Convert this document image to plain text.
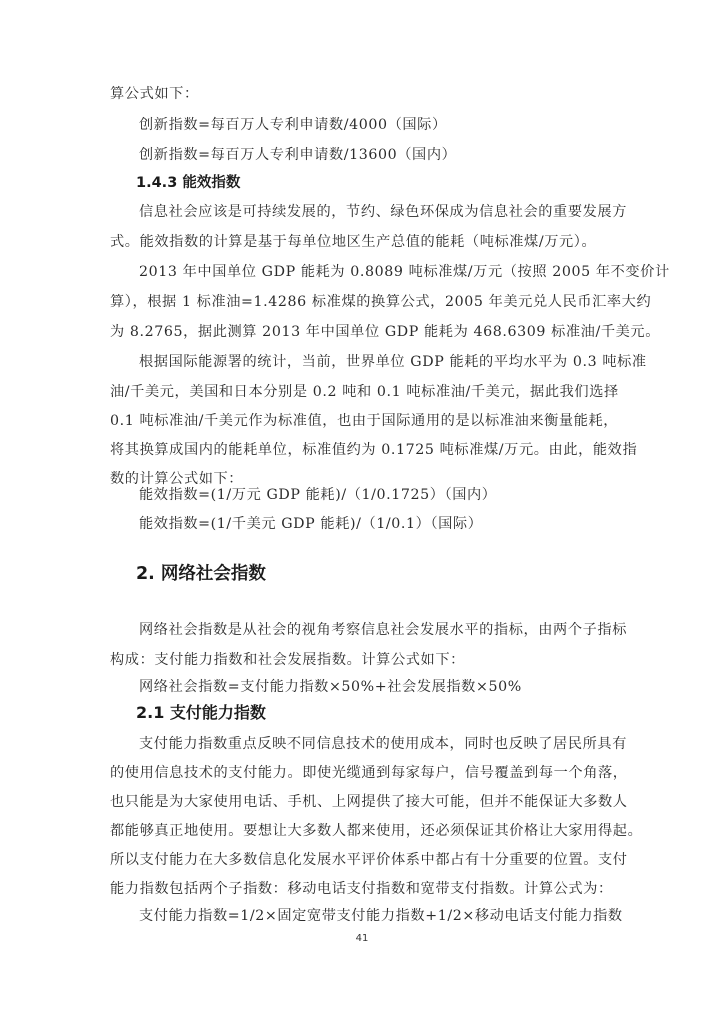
算公式如下：
创新指数=每百万人专利申请数/4000（国际）
创新指数=每百万人专利申请数/13600（国内）
1.4.3 能效指数
信息社会应该是可持续发展的，节约、绿色环保成为信息社会的重要发展方
式。能效指数的计算是基于每单位地区生产总值的能耗（吨标准煤/万元）。
2013 年中国单位 GDP 能耗为 0.8089 吨标准煤/万元（按照 2005 年不变价计
算），根据 1 标准油=1.4286 标准煤的换算公式，2005 年美元兑人民币汇率大约
为 8.2765，据此测算 2013 年中国单位 GDP 能耗为 468.6309 标准油/千美元。
根据国际能源署的统计，当前，世界单位 GDP 能耗的平均水平为 0.3 吨标准
油/千美元，美国和日本分别是 0.2 吨和 0.1 吨标准油/千美元，据此我们选择
0.1 吨标准油/千美元作为标准值，也由于国际通用的是以标准油来衡量能耗，
将其换算成国内的能耗单位，标准值约为 0.1725 吨标准煤/万元。由此，能效指
数的计算公式如下：
能效指数=(1/万元 GDP 能耗)/（1/0.1725）（国内）
能效指数=(1/千美元 GDP 能耗)/（1/0.1）（国际）
2. 网络社会指数
网络社会指数是从社会的视角考察信息社会发展水平的指标，由两个子指标
构成：支付能力指数和社会发展指数。计算公式如下：
网络社会指数=支付能力指数×50%+社会发展指数×50%
2.1 支付能力指数
支付能力指数重点反映不同信息技术的使用成本，同时也反映了居民所具有
的使用信息技术的支付能力。即使光缆通到每家每户，信号覆盖到每一个角落，
也只能是为大家使用电话、手机、上网提供了接大可能，但并不能保证大多数人
都能够真正地使用。要想让大多数人都来使用，还必须保证其价格让大家用得起。
所以支付能力在大多数信息化发展水平评价体系中都占有十分重要的位置。支付
能力指数包括两个子指数：移动电话支付指数和宽带支付指数。计算公式为：
支付能力指数=1/2×固定宽带支付能力指数+1/2×移动电话支付能力指数
41
